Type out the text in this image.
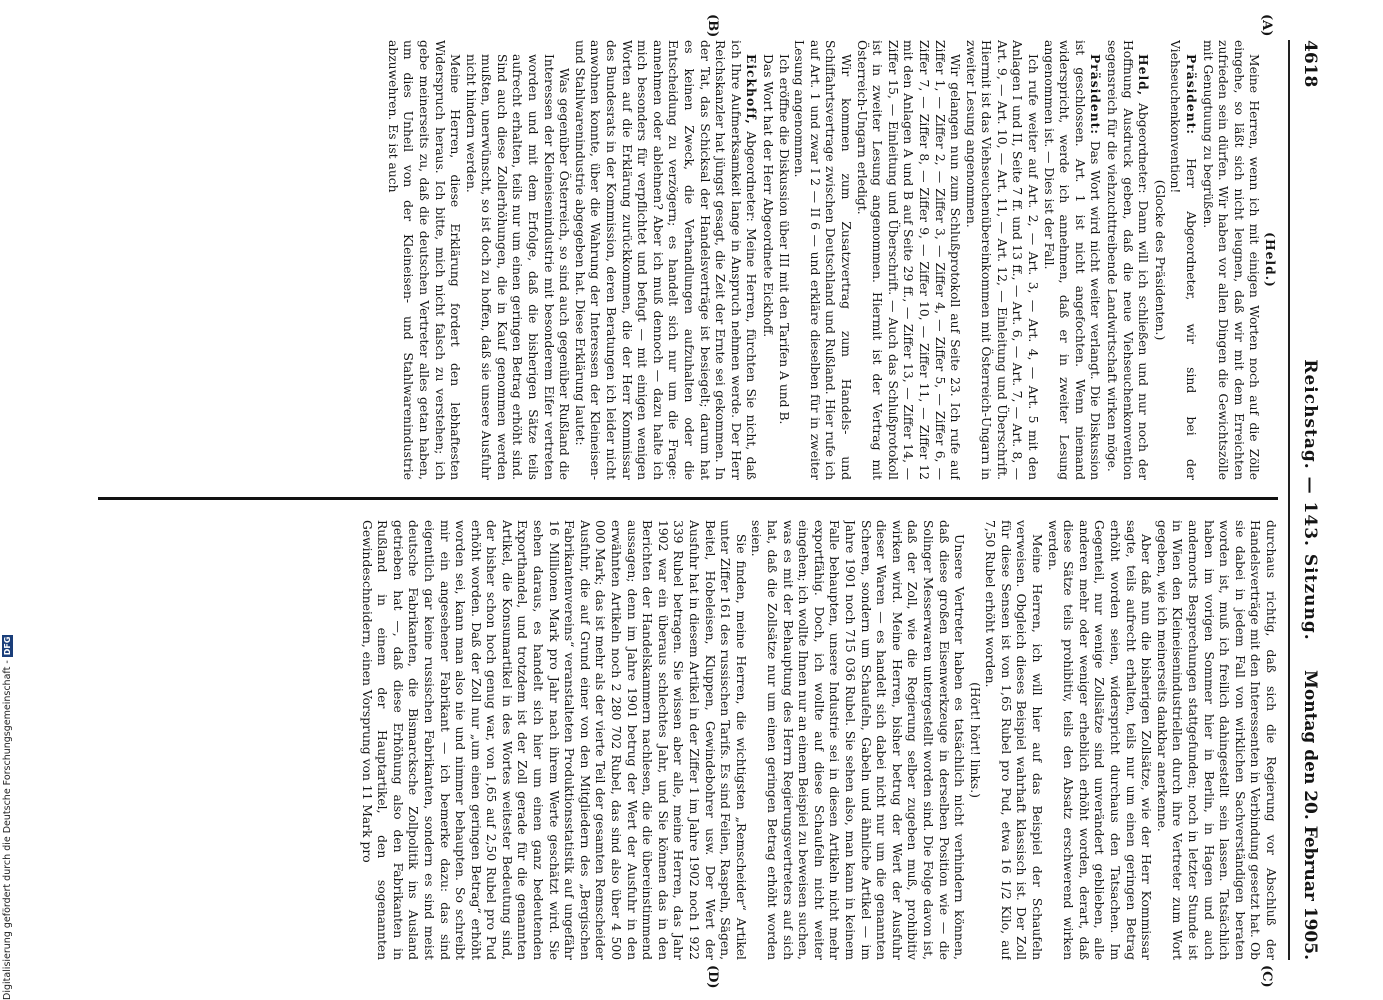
4618
Reichstag. — 143. Sitzung.
Montag den 20. Februar 1905.
(A)
(B)
(C)
(D)

(Held.)

Meine Herren, wenn ich mit einigen Worten noch auf die Zölle eingehe, so läßt sich nicht leugnen, daß wir mit dem Erreichten zufrieden sein dürfen. Wir haben vor allen Dingen die Gewichtszölle mit Genugtuung zu begrüßen.

Präsident: Herr Abgeordneter, wir sind bei der Viehseuchenkonvention!

(Glocke des Präsidenten.)

Held, Abgeordneter: Dann will ich schließen und nur noch der Hoffnung Ausdruck geben, daß die neue Viehseuchenkonvention segensreich für die viehzuchttreibende Landwirtschaft wirken möge.

Präsident: Das Wort wird nicht weiter verlangt. Die Diskussion ist geschlossen. Art. 1 ist nicht angefochten. Wenn niemand widerspricht, werde ich annehmen, daß er in zweiter Lesung angenommen ist. — Dies ist der Fall.

Ich rufe weiter auf Art. 2, — Art. 3, — Art. 4, — Art. 5 mit den Anlagen I und II, Seite 7 ff. und 13 ff., — Art. 6, — Art. 7, — Art. 8, — Art. 9, — Art. 10, — Art. 11, — Art. 12, — Einleitung und Überschrift. Hiermit ist das Viehseuchenübereinkommen mit Österreich-Ungarn in zweiter Lesung angenommen.

Wir gelangen nun zum Schlußprotokoll auf Seite 23. Ich rufe auf Ziffer 1, — Ziffer 2, — Ziffer 3, — Ziffer 4, — Ziffer 5, — Ziffer 6, — Ziffer 7, — Ziffer 8, — Ziffer 9, — Ziffer 10, — Ziffer 11, — Ziffer 12 mit den Anlagen A und B auf Seite 29 ff., — Ziffer 13, — Ziffer 14, — Ziffer 15, — Einleitung und Überschrift. — Auch das Schlußprotokoll ist in zweiter Lesung angenommen. Hiermit ist der Vertrag mit Österreich-Ungarn erledigt.

Wir kommen zum Zusatzvertrag zum Handels- und Schiffahrtsvertrage zwischen Deutschland und Rußland. Hier rufe ich auf Art. 1 und zwar I 2 — II 6 — und erkläre dieselben für in zweiter Lesung angenommen.

Ich eröffne die Diskussion über III mit den Tarifen A und B.

Das Wort hat der Herr Abgeordnete Eickhoff.

Eickhoff, Abgeordneter: Meine Herren, fürchten Sie nicht, daß ich Ihre Aufmerksamkeit lange in Anspruch nehmen werde. Der Herr Reichskanzler hat jüngst gesagt, die Zeit der Ernte sei gekommen. In der Tat, das Schicksal der Handelsverträge ist besiegelt; darum hat es keinen Zweck, die Verhandlungen aufzuhalten oder die Entscheidung zu verzögern; es handelt sich nur um die Frage: annehmen oder ablehnen? Aber ich muß dennoch — dazu halte ich mich besonders für verpflichtet und befugt — mit einigen wenigen Worten auf die Erklärung zurückkommen, die der Herr Kommissar des Bundesrats in der Kommission, deren Beratungen ich leider nicht anwohnen konnte, über die Wahrung der Interessen der Kleineisen- und Stahlwarenindustrie abgegeben hat. Diese Erklärung lautet:

Was gegenüber Österreich, so sind auch gegenüber Rußland die Interessen der Kleineisenindustrie mit besonderem Eifer vertreten worden und mit dem Erfolge, daß die bisherigen Sätze teils aufrecht erhalten, teils nur um einen geringen Betrag erhöht sind. Sind auch diese Zollerhöhungen, die in Kauf genommen werden mußten, unerwünscht, so ist doch zu hoffen, daß sie unsere Ausfuhr nicht hindern werden.

Meine Herren, diese Erklärung fordert den lebhaftesten Widerspruch heraus. Ich bitte, mich nicht falsch zu verstehen; ich gebe meinerseits zu, daß die deutschen Vertreter alles getan haben, um dies Unheil von der Kleineisen- und Stahlwarenindustrie abzuwehren. Es ist auch

durchaus richtig, daß sich die Regierung vor Abschluß der Handelsverträge mit den Interessenten in Verbindung gesetzt hat. Ob sie dabei in jedem Fall von wirklichen Sachverständigen beraten worden ist, muß ich freilich dahingestellt sein lassen. Tatsächlich haben im vorigen Sommer hier in Berlin, in Hagen und auch andernorts Besprechungen stattgefunden; noch in letzter Stunde ist in Wien den Kleineisenindustriellen durch ihre Vertreter zum Wort gegeben, wie ich meinerseits dankbar anerkenne.

Aber daß nun die bisherigen Zollsätze, wie der Herr Kommissar sagte, teils aufrecht erhalten, teils nur um einen geringen Betrag erhöht worden seien, widerspricht durchaus den Tatsachen. Im Gegenteil, nur wenige Zollsätze sind unverändert geblieben, alle anderen mehr oder weniger erheblich erhöht worden, derart, daß diese Sätze teils prohibitiv, teils den Absatz erschwerend wirken werden.

Meine Herren, ich will hier auf das Beispiel der Schaufeln verweisen. Obgleich dieses Beispiel wahrhaft klassisch ist. Der Zoll für diese Sensen ist von 1,65 Rubel pro Pud, etwa 16 1/2 Kilo, auf 7,50 Rubel erhöht worden.

(Hört! hört! links.)

Unsere Vertreter haben es tatsächlich nicht verhindern können, daß diese großen Eisenwerkzeuge in derselben Position wie — die Solinger Messerwaren untergestellt worden sind. Die Folge davon ist, daß der Zoll, wie die Regierung selber zugeben muß, prohibitiv wirken wird. Meine Herren, bisher betrug der Wert der Ausfuhr dieser Waren — es handelt sich dabei nicht nur um die genannten Scheren, sondern um Schaufeln, Gabeln und ähnliche Artikel — im Jahre 1901 noch 715 036 Rubel. Sie sehen also, man kann in keinem Falle behaupten, unsere Industrie sei in diesen Artikeln nicht mehr exportfähig. Doch, ich wollte auf diese Schaufeln nicht weiter eingehen; ich wollte Ihnen nur an einem Beispiel zu beweisen suchen, was es mit der Behauptung des Herrn Regierungsvertreters auf sich hat, daß die Zollsätze nur um einen geringen Betrag erhöht worden seien.

Sie finden, meine Herren, die wichtigsten „Remscheider“ Artikel unter Ziffer 161 des russischen Tarifs. Es sind Feilen, Raspeln, Sägen, Beitel, Hobeleisen, Kluppen, Gewindebohrer usw. Der Wert der Ausfuhr hat in diesem Artikel in der Ziffer 1 im Jahre 1902 noch 1 922 339 Rubel betragen. Sie wissen aber alle, meine Herren, das Jahr 1902 war ein überaus schlechtes Jahr, und Sie können das in den Berichten der Handelskammern nachlesen, die die übereinstimmend aussagen; denn im Jahre 1901 betrug der Wert der Ausfuhr in den erwähnten Artikeln noch 2 280 702 Rubel, das sind also über 4 500 000 Mark; das ist mehr als der vierte Teil der gesamten Remscheider Ausfuhr, die auf Grund einer von den Mitgliedern des „Bergischen Fabrikantenvereins“ veranstalteten Produktionsstatistik auf ungefähr 16 Millionen Mark pro Jahr nach ihrem Werte geschätzt wird. Sie sehen daraus, es handelt sich hier um einen ganz bedeutenden Exporthandel, und trotzdem ist der Zoll gerade für die genannten Artikel, die Konsumartikel in des Wortes weitester Bedeutung sind, der bisher schon hoch genug war, von 1,65 auf 2,50 Rubel pro Pud erhöht worden. Daß der Zoll nur „um einen geringen Betrag“ erhöht worden sei, kann man also nie und nimmer behaupten. So schreibt mir ein angesehener Fabrikant — ich bemerke dazu: das sind eigentlich gar keine russischen Fabrikanten, sondern es sind meist deutsche Fabrikanten, die Bismarcksche Zollpolitik ins Ausland getrieben hat —, daß diese Erhöhung also den Fabrikanten in Rußland in einem der Hauptartikel, den sogenannten Gewindeschneidern, einen Vorsprung von 11 Mark pro

Digitalisierung gefördert durch die Deutsche Forschungsgemeinschaft -DFG
